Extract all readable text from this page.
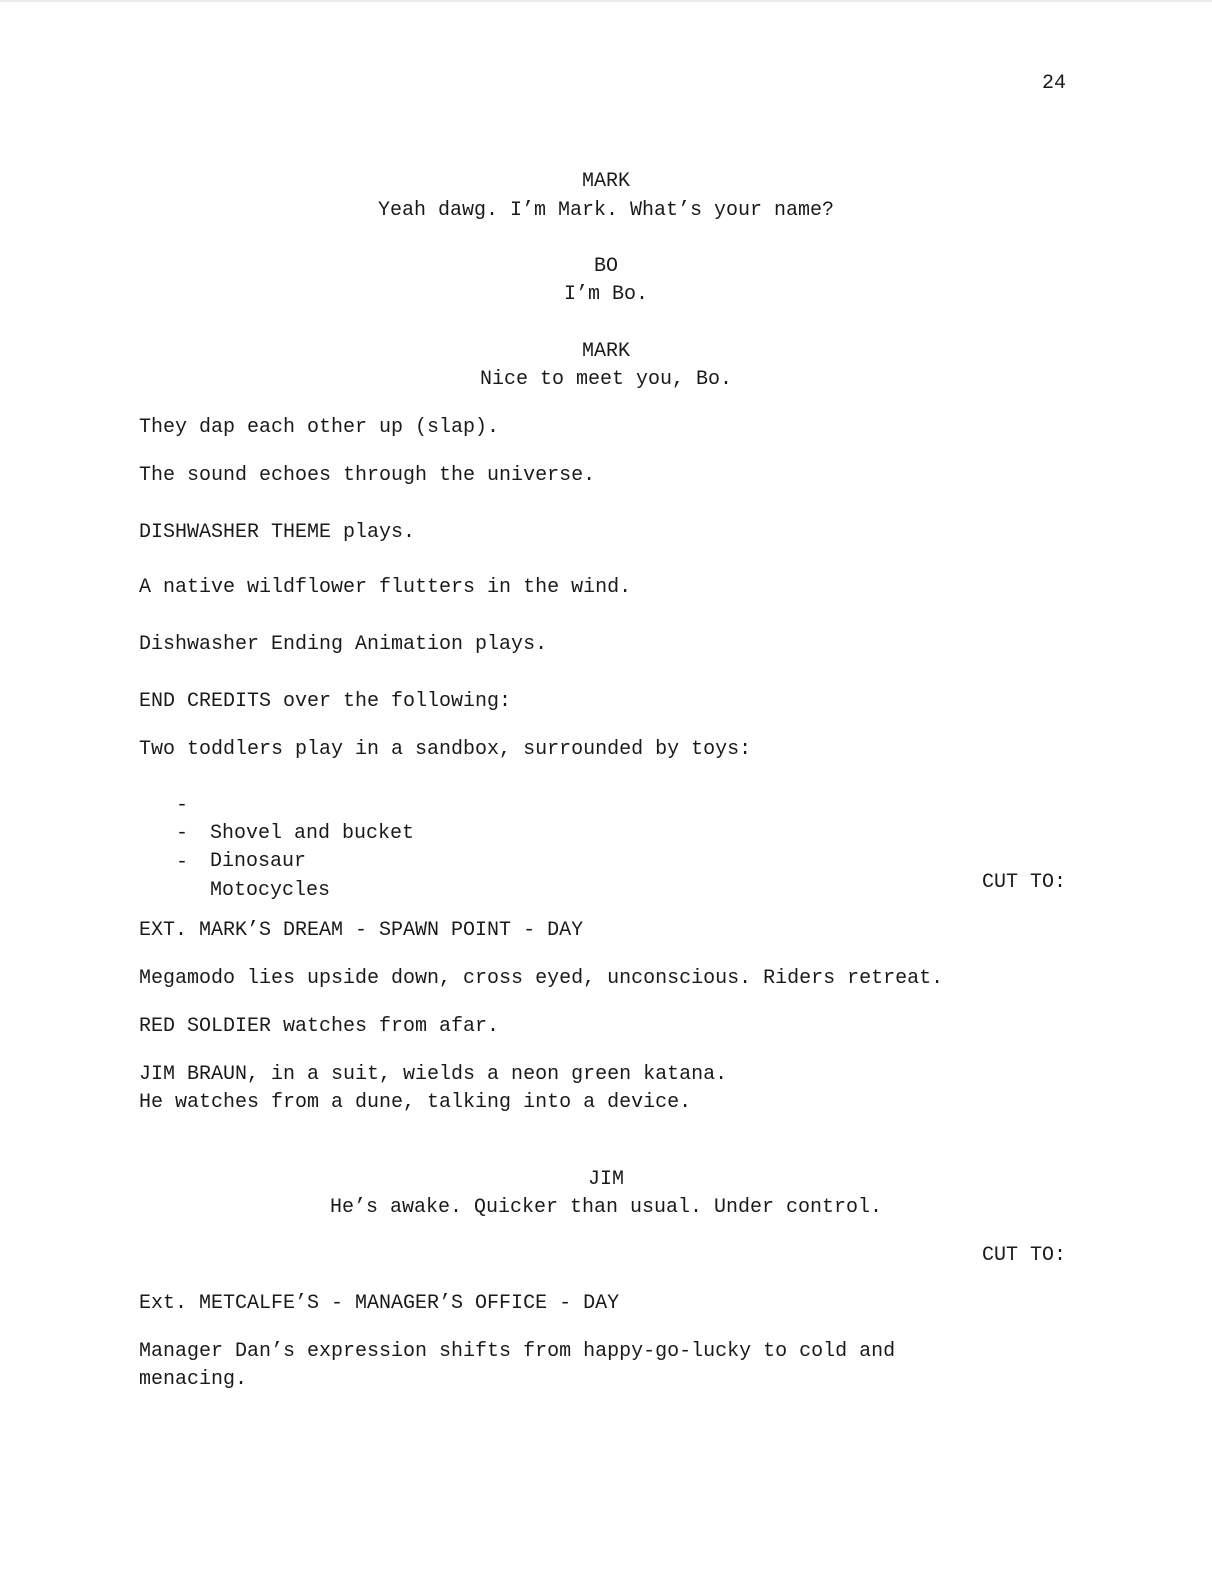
24
MARK
Yeah dawg. I’m Mark. What’s your name?
BO
I’m Bo.
MARK
Nice to meet you, Bo.
They dap each other up (slap).
The sound echoes through the universe.
DISHWASHER THEME plays.
A native wildflower flutters in the wind.
Dishwasher Ending Animation plays.
END CREDITS over the following:
Two toddlers play in a sandbox, surrounded by toys:

-

Shovel and bucket

-

Dinosaur

-

Motocycles	CUT TO:
EXT. MARK’S DREAM - SPAWN POINT - DAY
Megamodo lies upside down, cross eyed, unconscious. Riders retreat.
RED SOLDIER watches from afar.
JIM BRAUN, in a suit, wields a neon green katana.
He watches from a dune, talking into a device.
JIM
He’s awake. Quicker than usual. Under control.
CUT TO:
Ext. METCALFE’S - MANAGER’S OFFICE - DAY
Manager Dan’s expression shifts from happy-go-lucky to cold and
menacing.
